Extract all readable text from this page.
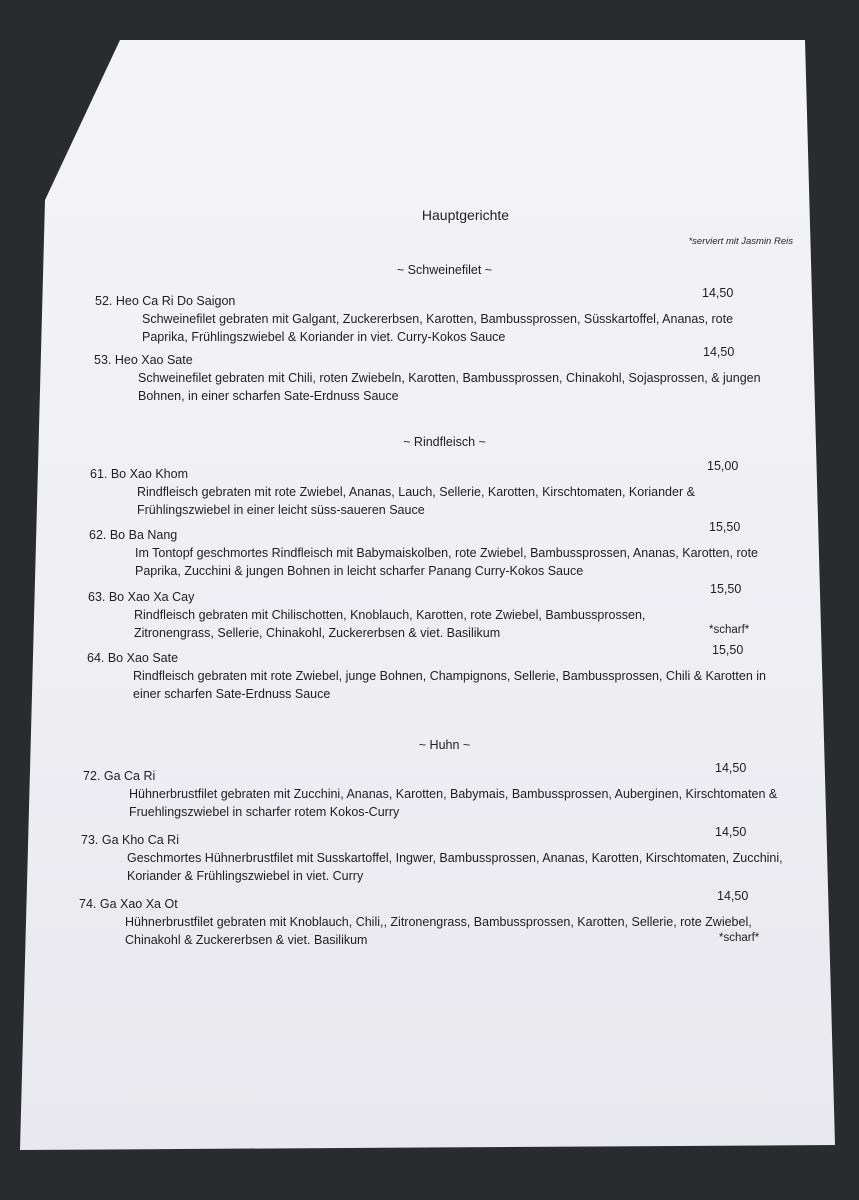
Hauptgerichte
*serviert mit Jasmin Reis
~ Schweinefilet ~
52. Heo Ca Ri Do Saigon
14,50
Schweinefilet gebraten mit Galgant, Zuckererbsen, Karotten, Bambussprossen, Süsskartoffel, Ananas, rote Paprika, Frühlingszwiebel & Koriander in viet. Curry-Kokos Sauce
53. Heo Xao Sate
14,50
Schweinefilet gebraten mit Chili, roten Zwiebeln, Karotten, Bambussprossen, Chinakohl, Sojasprossen, & jungen Bohnen, in einer scharfen Sate-Erdnuss Sauce
~ Rindfleisch ~
61. Bo Xao Khom
15,00
Rindfleisch gebraten mit rote Zwiebel, Ananas, Lauch, Sellerie, Karotten, Kirschtomaten, Koriander & Frühlingszwiebel in einer leicht süss-saueren Sauce
62. Bo Ba Nang
15,50
Im Tontopf geschmortes Rindfleisch mit Babymaiskolben, rote Zwiebel, Bambussprossen, Ananas, Karotten, rote Paprika, Zucchini & jungen Bohnen in leicht scharfer Panang Curry-Kokos Sauce
63. Bo Xao Xa Cay
15,50
Rindfleisch gebraten mit Chilischotten, Knoblauch, Karotten, rote Zwiebel, Bambussprossen, Zitronengrass, Sellerie, Chinakohl, Zuckererbsen & viet. Basilikum	*scharf*
64. Bo Xao Sate
15,50
Rindfleisch gebraten mit rote Zwiebel, junge Bohnen, Champignons, Sellerie, Bambussprossen, Chili & Karotten in einer scharfen Sate-Erdnuss Sauce
~ Huhn ~
72. Ga Ca Ri
14,50
Hühnerbrustfilet gebraten mit Zucchini, Ananas, Karotten, Babymais, Bambussprossen, Auberginen, Kirschtomaten & Fruehlingszwiebel in scharfer rotem Kokos-Curry
73. Ga Kho Ca Ri
14,50
Geschmortes Hühnerbrustfilet mit Susskartoffel, Ingwer, Bambussprossen, Ananas, Karotten, Kirschtomaten, Zucchini, Koriander & Frühlingszwiebel in viet. Curry
74. Ga Xao Xa Ot
14,50
Hühnerbrustfilet gebraten mit Knoblauch, Chili,, Zitronengrass, Bambussprossen, Karotten, Sellerie, rote Zwiebel, Chinakohl & Zuckererbsen & viet. Basilikum	*scharf*
